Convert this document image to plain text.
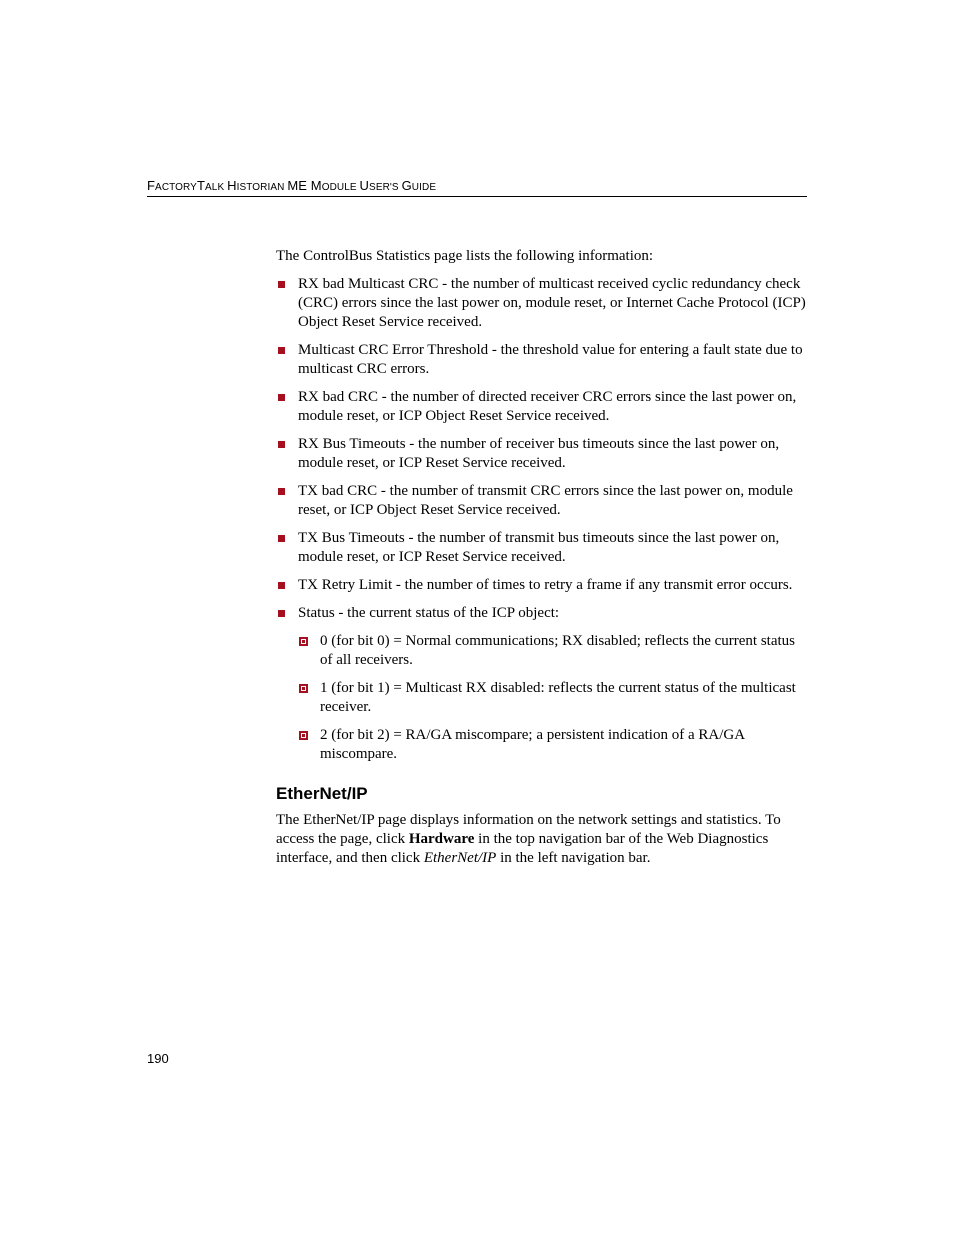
FACTORYTALK HISTORIAN ME MODULE USER'S GUIDE

The ControlBus Statistics page lists the following information:

RX bad Multicast CRC - the number of multicast received cyclic redundancy check (CRC) errors since the last power on, module reset, or Internet Cache Protocol (ICP) Object Reset Service received.
Multicast CRC Error Threshold - the threshold value for entering a fault state due to multicast CRC errors.
RX bad CRC - the number of directed receiver CRC errors since the last power on, module reset, or ICP Object Reset Service received.
RX Bus Timeouts - the number of receiver bus timeouts since the last power on, module reset, or ICP Reset Service received.
TX bad CRC - the number of transmit CRC errors since the last power on, module reset, or ICP Object Reset Service received.
TX Bus Timeouts - the number of transmit bus timeouts since the last power on, module reset, or ICP Reset Service received.
TX Retry Limit - the number of times to retry a frame if any transmit error occurs.
Status - the current status of the ICP object:
0 (for bit 0) = Normal communications; RX disabled; reflects the current status of all receivers.
1 (for bit 1) = Multicast RX disabled: reflects the current status of the multicast receiver.
2 (for bit 2) = RA/GA miscompare; a persistent indication of a RA/GA miscompare.
EtherNet/IP

The EtherNet/IP page displays information on the network settings and statistics. To access the page, click Hardware in the top navigation bar of the Web Diagnostics interface, and then click EtherNet/IP in the left navigation bar.

190
